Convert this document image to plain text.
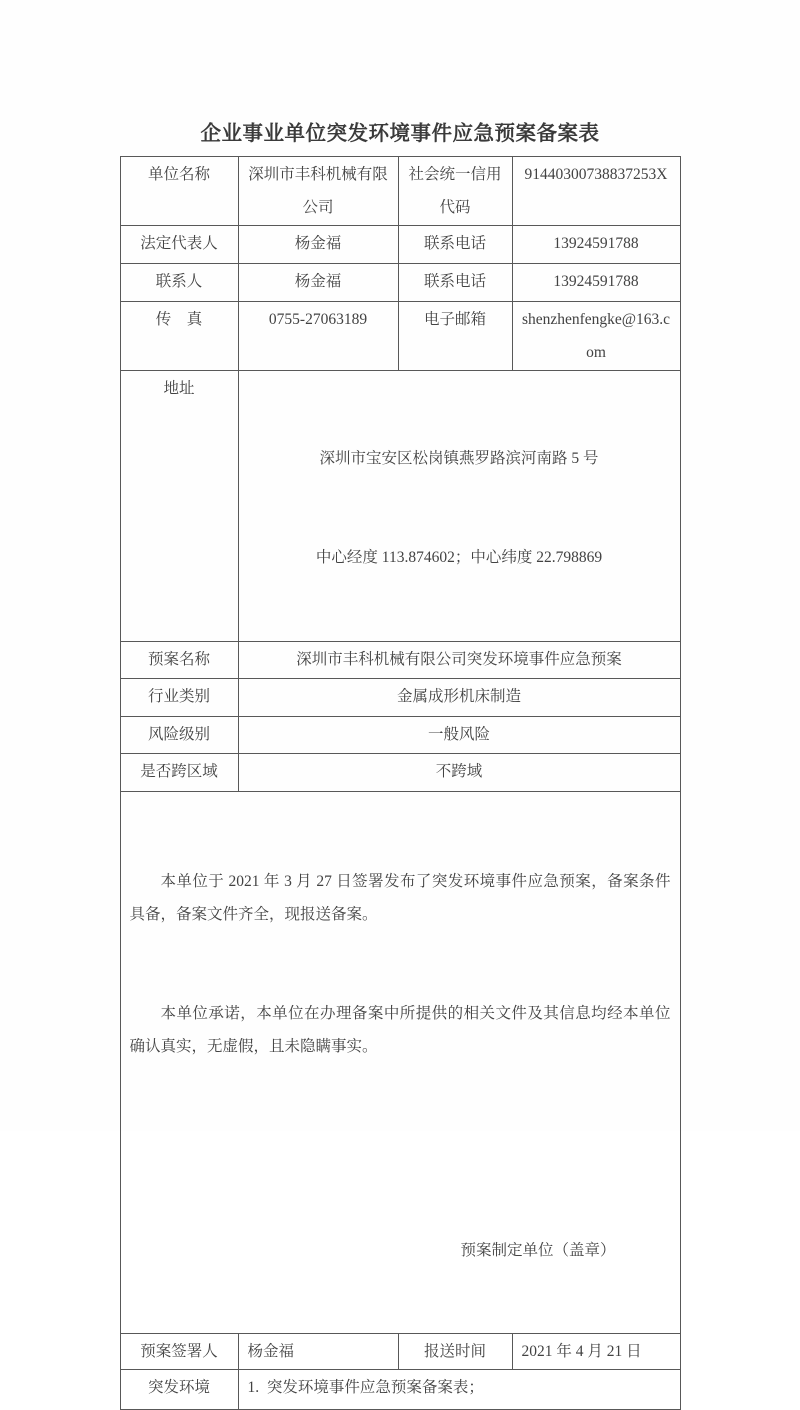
企业事业单位突发环境事件应急预案备案表
单位名称	深圳市丰科机械有限公司	社会统一信用代码	91440300738837253X
法定代表人	杨金福	联系电话	13924591788
联系人	杨金福	联系电话	13924591788
传　真	0755-27063189	电子邮箱	shenzhenfengke@163.com
地址	深圳市宝安区松岗镇燕罗路滨河南路 5 号

中心经度 113.874602；中心纬度 22.798869		

预案名称	深圳市丰科机械有限公司突发环境事件应急预案		
行业类别	金属成形机床制造		
风险级别	一般风险		
是否跨区域	不跨域		

本单位于 2021 年 3 月 27 日签署发布了突发环境事件应急预案，备案条件具备，备案文件齐全，现报送备案。

本单位承诺，本单位在办理备案中所提供的相关文件及其信息均经本单位确认真实，无虚假，且未隐瞒事实。

预案制定单位（盖章）			

预案签署人	杨金福	报送时间	2021 年 4 月 21 日
突发环境	1.  突发环境事件应急预案备案表；		
